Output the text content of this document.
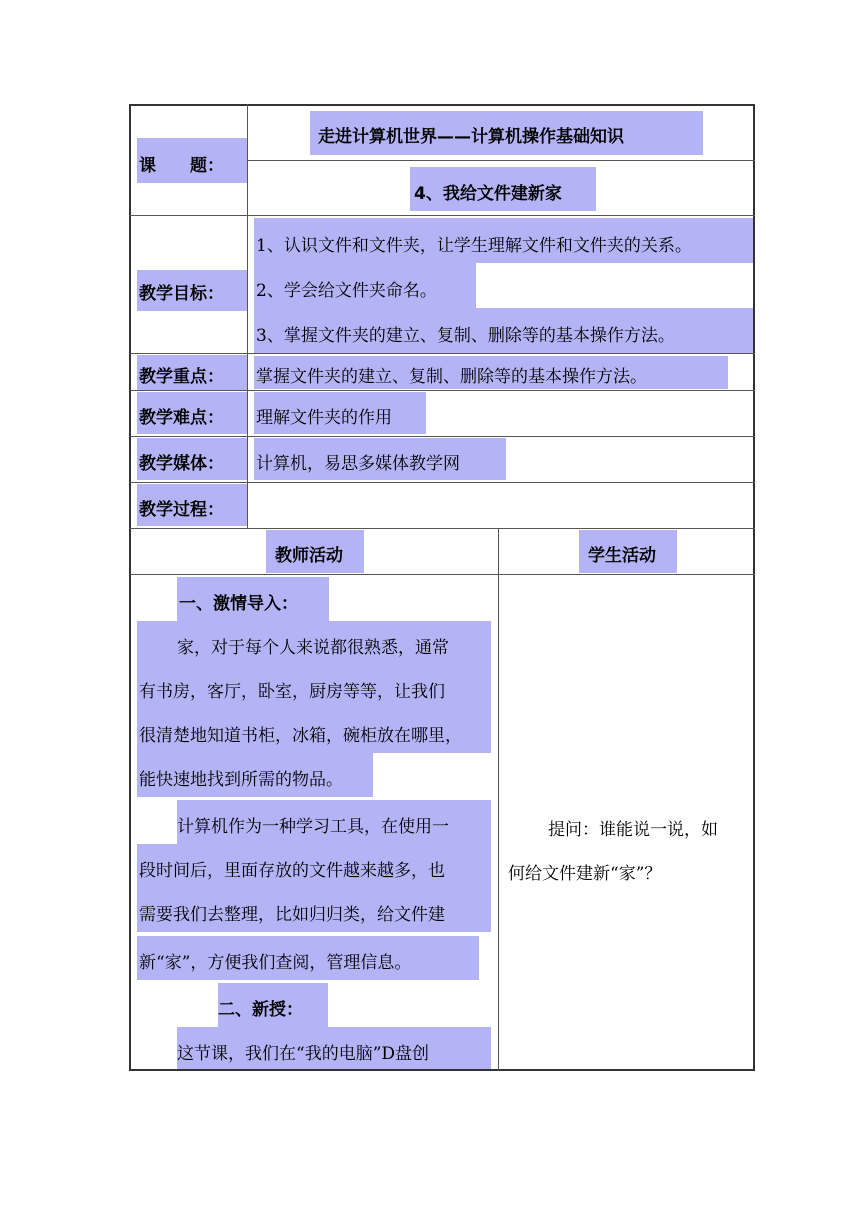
课　　题：
走进计算机世界——计算机操作基础知识
4、我给文件建新家
教学目标：
1、认识文件和文件夹，让学生理解文件和文件夹的关系。
2、学会给文件夹命名。
3、掌握文件夹的建立、复制、删除等的基本操作方法。
教学重点： 掌握文件夹的建立、复制、删除等的基本操作方法。
教学难点： 理解文件夹的作用
教学媒体： 计算机，易思多媒体教学网
教学过程：
教师活动	学生活动
一、激情导入：
家，对于每个人来说都很熟悉，通常
有书房，客厅，卧室，厨房等等，让我们
很清楚地知道书柜，冰箱，碗柜放在哪里，
能快速地找到所需的物品。
计算机作为一种学习工具，在使用一
段时间后，里面存放的文件越来越多，也
需要我们去整理，比如归归类，给文件建
新“家”，方便我们查阅，管理信息。
二、新授：
这节课，我们在“我的电脑”D盘创
提问：谁能说一说，如
何给文件建新“家”？
